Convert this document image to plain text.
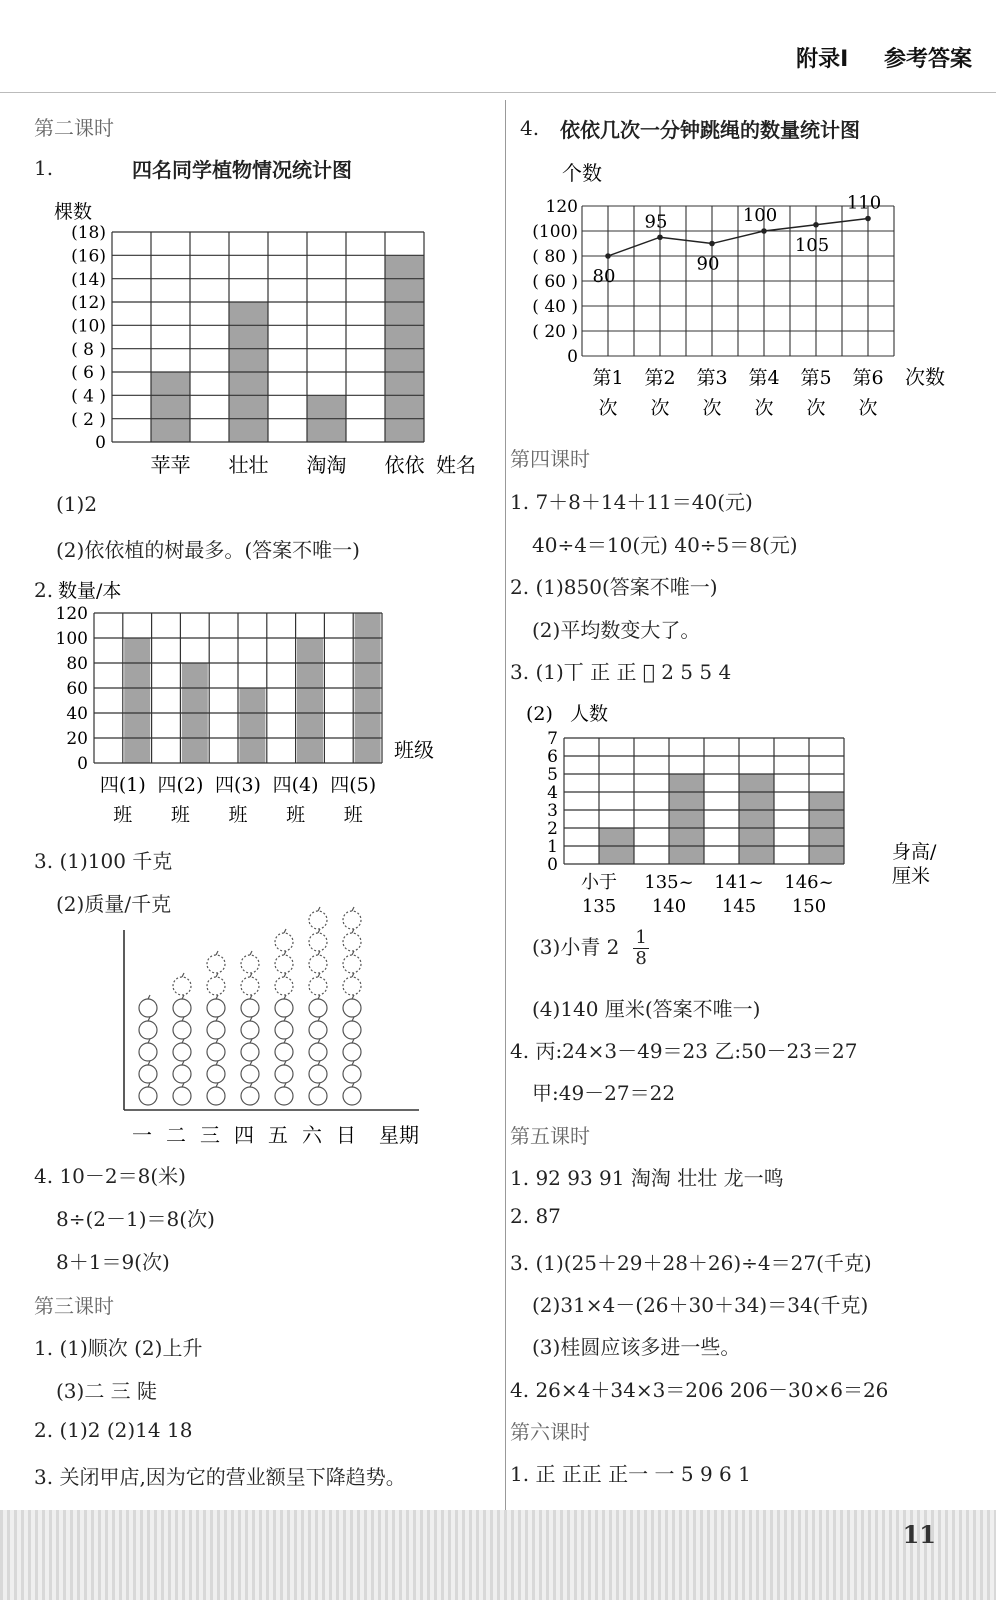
附录Ⅰ 参考答案
第二课时
1.	四名同学植物情况统计图
0
( 2 )
( 4 )
( 6 )
( 8 )
(10)
(12)
(14)
(16)
(18)
棵数
苹苹 壮壮 淘淘 依依 姓名
(1)2
(2)依依植的树最多。(答案不唯一)
2.
0
20
40
60
80
100
120
数量/本
四(1)
班
四(2)
班
四(3)
班
四(4)
班
四(5)
班
班级
3. (1)100 千克
(2)质量/千克
一 二 三 四 五 六 日 星期
4. 10－2＝8(米)
8÷(2－1)＝8(次)
8＋1＝9(次)
第三课时
1. (1)顺次 (2)上升
(3)二 三 陡
2. (1)2 (2)14 18
3. 关闭甲店,因为它的营业额呈下降趋势。
4. 依依几次一分钟跳绳的数量统计图
个数
0
( 20 )
( 40 )
( 60 )
( 80 )
(100)
120
80
95
90
100
105
110
第1
次
第2
次
第3
次
第4
次
第5
次
第6
次
次数
第四课时
1. 7＋8＋14＋11＝40(元)
40÷4＝10(元) 40÷5＝8(元)
2. (1)850(答案不唯一)
(2)平均数变大了。
3. (1)丅 正 正 𠀆 2 5 5 4
0
1
2
3
4
5
6
7
(2) 人数
小于
135
135~
140
141~
145
146~
150
身高/
厘米
(3)小青 $2 \frac{1}{8}$
(4)140 厘米(答案不唯一)
4. 丙:24×3－49＝23 乙:50－23＝27
甲:49－27＝22
第五课时
1. 92 93 91 淘淘 壮壮 龙一鸣
2. 87
3. (1)(25＋29＋28＋26)÷4＝27(千克)
(2)31×4－(26＋30＋34)＝34(千克)
(3)桂圆应该多进一些。
4. 26×4＋34×3＝206 206－30×6＝26
第六课时
1. 正 正正 正一 一 5 9 6 1
11
